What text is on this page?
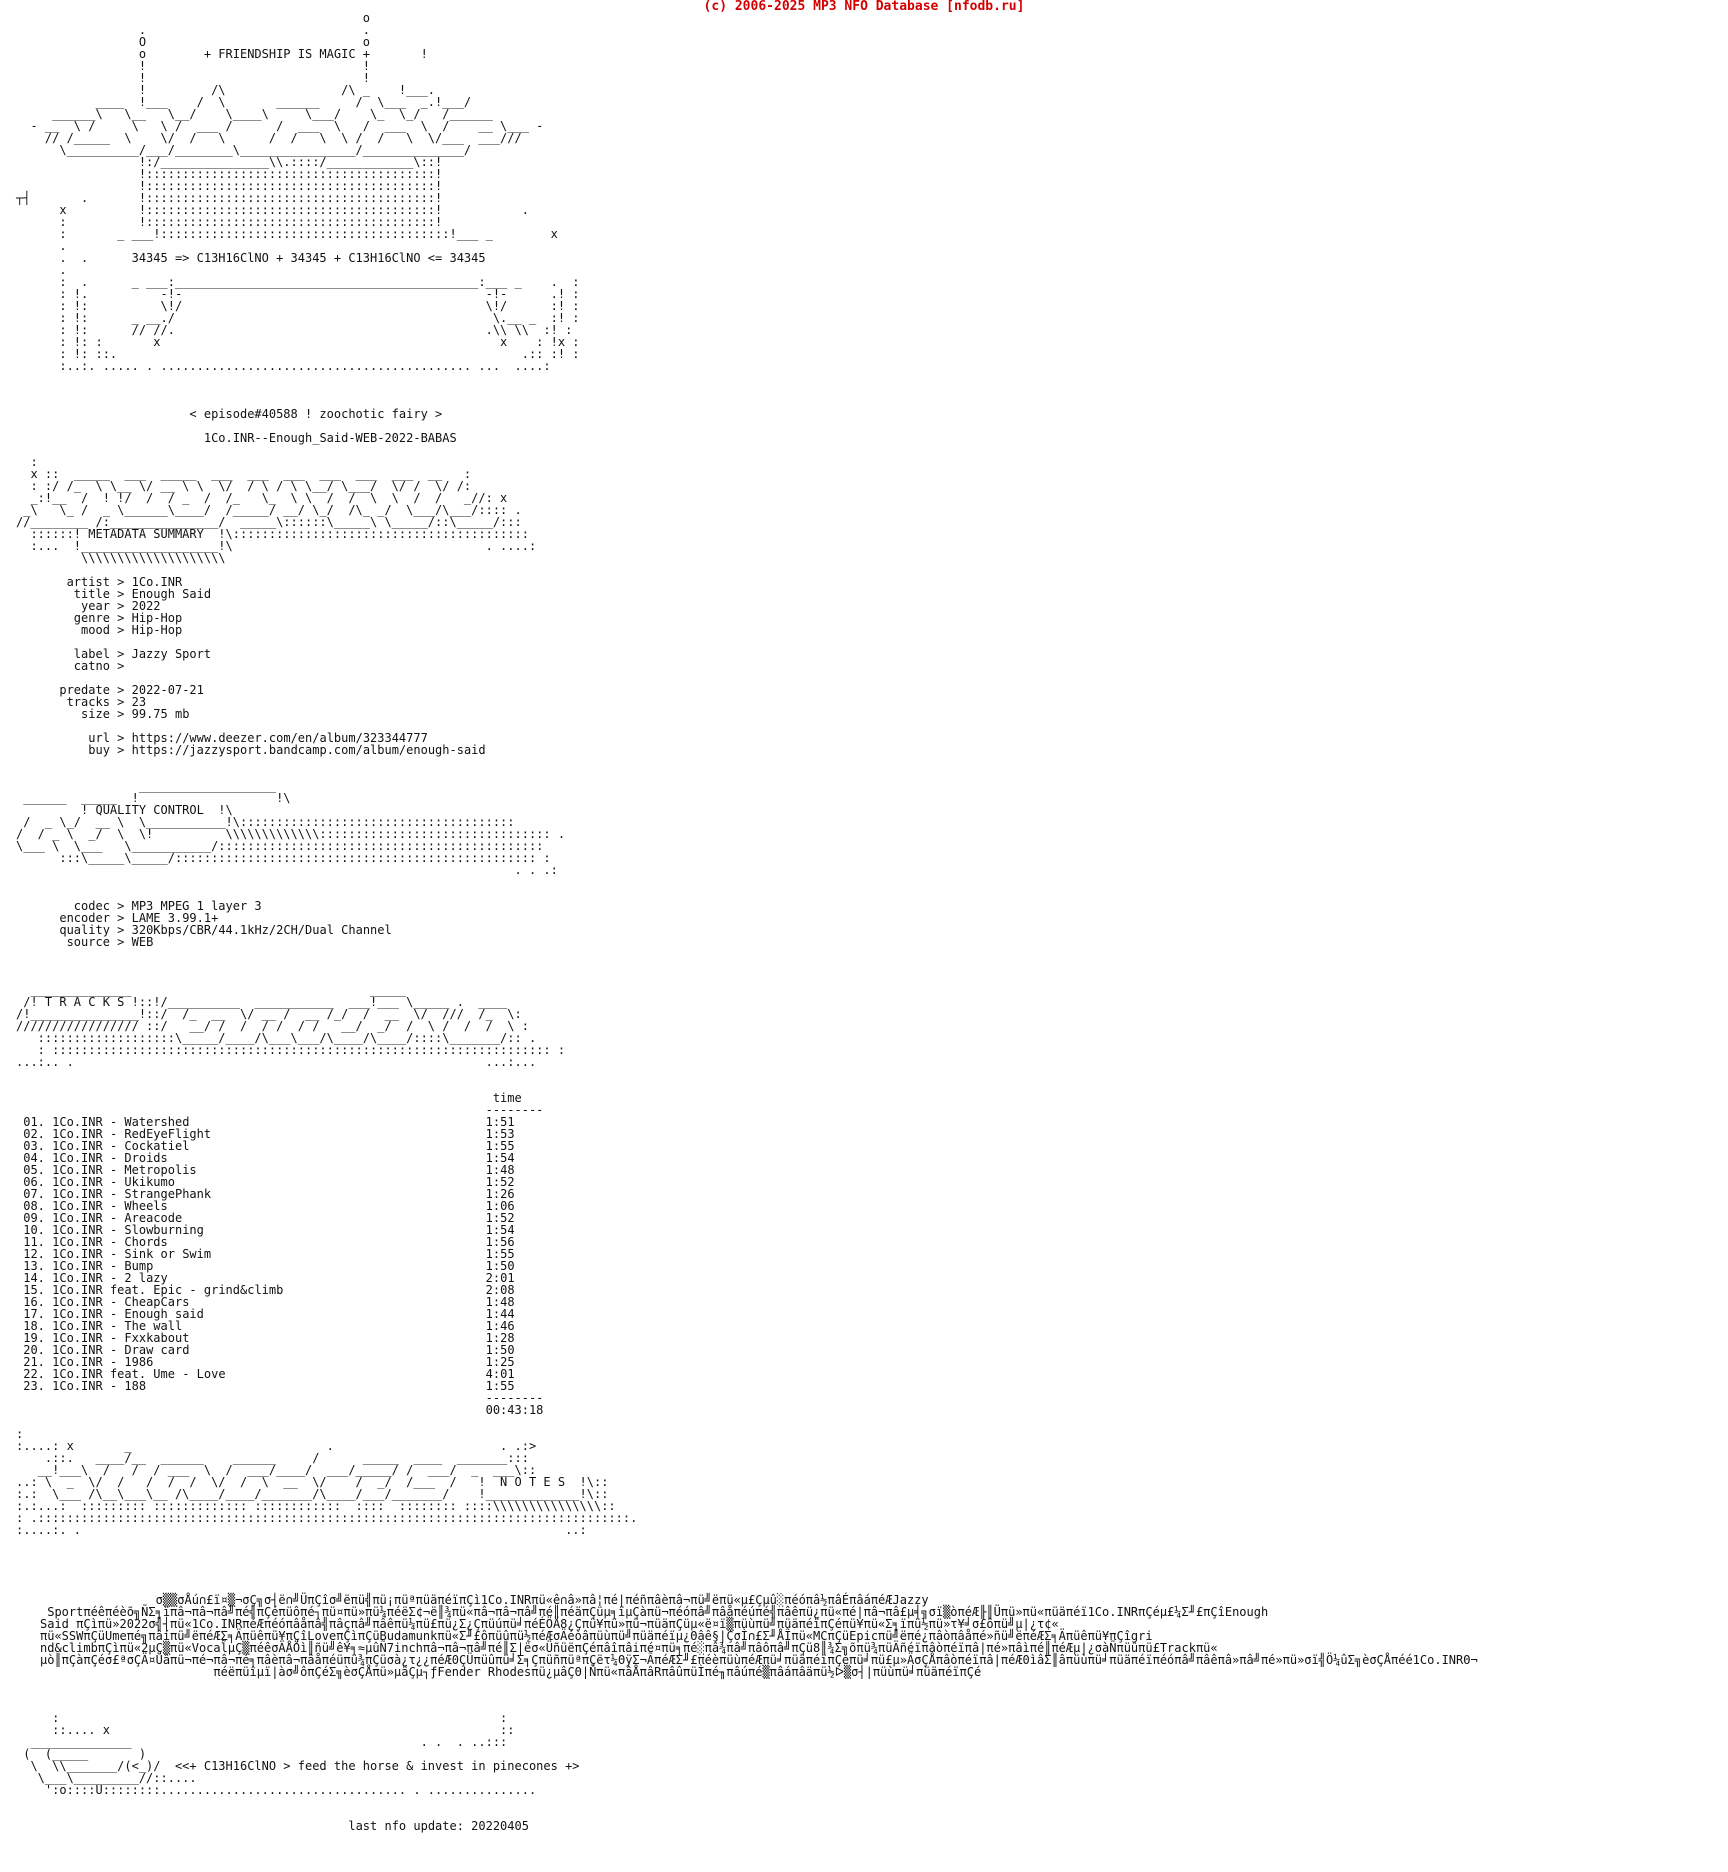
(c) 2006-2025 MP3 NFO Database [nfodb.ru]
o
.                              .
O                              o
o        + FRIENDSHIP IS MAGIC +       !
!                              !
!                              !
!         /\                /\ _    !___.
____  !___    /  \       ______     /  \___  _.!___/
______\   \__   \__/    \____\     \___/    \_  \_/   /______
- __  \ /     \   \ /  ___ /      /  ___  \   /  ___  \  /    __ \___ -
// /_____  \    \/  /   \      /  /   \  \ /  /   \  \/___  ___///
\__________/___/________\________________/______________/
!:/_______________\\.::::/____________\::!
!::::::::::::::::::::::::::::::::::::::::!
!::::::::::::::::::::::::::::::::::::::::!
┬┤       .       !::::::::::::::::::::::::::::::::::::::::!
x          !::::::::::::::::::::::::::::::::::::::::!           .
:          !::::::::::::::::::::::::::::::::::::::::!
:       _ ___!::::::::::::::::::::::::::::::::::::::::!___ _        x
.
.  .      34345 => C13H16ClNO + 34345 + C13H16ClNO <= 34345
.
:  .      _ ___:__________________________________________:___ _    .  :
: !.          -!-                                          -!-      .! :
: !:          \!/                                          \!/      :! :
: !:      _ __./                                            \.__ _  :! :
: !:      // //.                                           .\\ \\  :! :
: !: :       x                                               x    : !x :
: !: ::.                                                        .:: :! :
:..:. ..... . ........................................... ...  ....:

< episode#40588 ! zoochotic fairy >

1Co.INR--Enough_Said-WEB-2022-BABAS

:
x ::  _____  ___  _____  ___  ___  ___  ___  ___  ___  __   :
: :/ /_  \ \__ \/ __ \ \  \/  / \ / \ \__/ \___/  \/ /  \/ /:
_:!__  /  ! !/  /  / _  /  /_   \_  \ \  /  /  \  \  /  /   _//: x
_\   \_ /  _ \______\____/  /_____/ __/ \_/  /\_ _/  \___/\___/:::: .
//________ /:_______________/  _____\::::::\_____\ \_____/::\_____/:::
::::::! METADATA SUMMARY  !\:::::::::::::::::::::::::::::::::::::::::
:...  !___________________!\                                   . ....:
\\\\\\\\\\\\\\\\\\\\

artist > 1Co.INR
title > Enough Said
year > 2022
genre > Hip-Hop
mood > Hip-Hop

label > Jazzy Sport
catno >

predate > 2022-07-21
tracks > 23
size > 99.75 mb

url > https://www.deezer.com/en/album/323344777
buy > https://jazzysport.bandcamp.com/album/enough-said

___________________
______  _____  !                   !\
! QUALITY CONTROL  !\
/  _ \_/  __ \  \___________!\::::::::::::::::::::::::::::::::::::::
/  / _ \  _/  \  \!          \\\\\\\\\\\\\:::::::::::::::::::::::::::::::: .
\___ \  \___   \___________/:::::::::::::::::::::::::::::::::::::::::::::
:::\_____\_____/:::::::::::::::::::::::::::::::::::::::::::::::::: :
. . .:

codec > MP3 MPEG 1 layer 3
encoder > LAME 3.99.1+
quality > 320Kbps/CBR/44.1kHz/2CH/Dual Channel
source > WEB

______________                                 _____
/! T R A C K S !::!/__________  ___________  ___!___ \_____ .  ____
/!_______________!::/  /_  __  \/ __ /  __ /_/  /  __  \/  ///  /_  \:
///////////////// ::/   __/ /  /  / /  / /   __/  _/  /  \ /  /  /  \ :
:::::::::::::::::::\_____/____/\___\___/\____/\____/::::\_______/:: .
: ::::::::::::::::::::::::::::::::::::::::::::::::::::::::::::::::::::: :
...:.. .                                                         ...:...

time
--------

01. 1Co.INR - Watershed	1:51
02. 1Co.INR - RedEyeFlight	1:53
03. 1Co.INR - Cockatiel	1:55
04. 1Co.INR - Droids	1:54
05. 1Co.INR - Metropolis	1:48
06. 1Co.INR - Ukikumo	1:52
07. 1Co.INR - StrangePhank	1:26
08. 1Co.INR - Wheels	1:06
09. 1Co.INR - Areacode	1:52
10. 1Co.INR - Slowburning	1:54
11. 1Co.INR - Chords	1:56
12. 1Co.INR - Sink or Swim	1:55
13. 1Co.INR - Bump	1:50
14. 1Co.INR - 2 lazy	2:01
15. 1Co.INR feat. Epic - grind&climb	2:08
16. 1Co.INR - CheapCars	1:48
17. 1Co.INR - Enough said	1:44
18. 1Co.INR - The wall	1:46
19. 1Co.INR - Fxxkabout	1:28
20. 1Co.INR - Draw card	1:50
21. 1Co.INR - 1986	1:25
22. 1Co.INR feat. Ume - Love	4:01
23. 1Co.INR - 188	1:55
--------
00:43:18

:
:....: x       _                           .                       . .:>
.::.   ____/__  ______    ______     /      _____  ____  _______:::
__!___\  /   /  / ___  \  /  ___/____/  ___/_____/ /  ___/  _  ___\::
..: \  _  \/  /   /  /  /  \/  /  \  __  \/    /  _/  /___  /   !  N O T E S  !\::
:.:  \___ /\__\___\__ /\____/____/_______/\____/___/_______/    !_____________!\::
:.:...:  ::::::::: ::::::::::::: ::::::::::::  ::::  :::::::: ::::\\\\\\\\\\\\\\\::
: .::::::::::::::::::::::::::::::::::::::::::::::::::::::::::::::::::::::::::::::::::.
:....:. .                                                                   ..:

σ▒▒σÅú∩£ï¤▒¬σÇ╗σ┤ë∩╝ÜπÇîσ╝ëπü╣πü¡πüªπüäπéïπÇì1Co.INRπü«ê∩â»πâ¦πé|πéñπâèπâ¬πü╝ëπü«µ£Çµû░πéóπâ½πâÉπâáπéÆJazzy
Sportπéêπéèõ╗ÑΣ╕ïπâ¬πâ¬πâ╝πé╣πÇéπüôπé┐πü¤πü»πü¼πéëΣ¢¬ë║¾πü«πâ¬πâ¬πâ╝πé║πéäπÇüµ╕ïµÇàπü¬πéóπâ╝πâåπéúπé╣πâêπü¿πü«πé|πâ¬πâ£µ╡╗σï▒òπéÆ╟║Üπü»πü«πüäπéï1Co.INRπÇéµ£¼Σ╜£πÇîEnough
Said πÇìπü»2022σ╣┤πü«1Co.INRπéÆπéóπâåπâ╣πâçπâ╝πâêπü¼πü£πü¿Σ¿Çπüúπü╛πéÉÖÄ8¿Çπü¥πü»πü¬πüäπÇüµ«ë¤ï▒πüùπü╝πüäπéïπÇéπü¥πü«Σ╕ïπü½πü»τ¥╛σ£ôπü╝µ|¿τ¢«
πü«SSWπÇüUmeπé╗πâíπü╝ëπéÆΣ╕Äπüêπü¥πÇîLoveπÇìπÇüBudamunkπü«Σ╜£ôπüûπü½πéÆσÄéòâπüùπü╝πüäπéïµ¿Θâê§|ÇσÌ∩£Σ╜ÅÎπü«MCπÇüEpicπü╝ëπé¿πâòπâåπé»ñü╝ëπéÆΣ╕Äπüêπü¥πÇîgri
nd&climbπÇìπü«2µÇ▒πü«Vocal̃µÇ▒πéêσÄÅÖì║ñü╝ê¥╕≈µûÑ7inchπâ¬πâ¬πâ╝πé║Σ|ëσ«ÜñüëπÇéπâîπâiπé¤πü╕πé░πâ¾πâ╝πâôπâ╝πÇü8║¾Σ╗õπü¾πüÄñéïπâòπéïπâ|πé»πâìπé║πéÆµ|¿σàÑπüûπü£Trackπü«
µò║πÇàπÇéσ£ªσÇÄ¤Üâπü¬πé¬πâ¬πé╕πâèπâ¬πâåπéüπü¾πÇüσà¿τ¿¿πéÆ0ÇÜπüûπü╛Σ╕ÇπüñπüªπÇëτ¼ΘÿΣ¬ÃπéÆΣ╜£πéèπüùπéÆπü╛πüäπéïπÇéπü╛πü£µ»ÄσÇÅπâòπéïπâ|πéÆ0ìâΣ║âπüùπü╛πüäπéïπéóπâ╝πâêπâ»πâ╝πé»πü»σï╣Ö¼ûΣ╗èσÇÅπéé1Co.INRΘ¬
πéëπüîµï|àσ╝ôπÇéΣ╗èσÇÅπü»µäÇµ┐ƒFender Rhodesπü¿µâÇΘ|Ñπü«πâÅπâRπâûπüÌπé╖πâúπé▒πâáπâäπü½ᐅ▒σ┤|πüùπü╛πüäπéïπÇé
:                                                             :
::.... x                                                      ::
______________                                        . .  . ..:::
(  (_____       )
\  \\_______/(<_)/  <<+ C13H16ClNO > feed the horse & invest in pinecones +>
\___\_________//::....
':o::::U::::::::.................................. . ...............

last nfo update: 20220405
